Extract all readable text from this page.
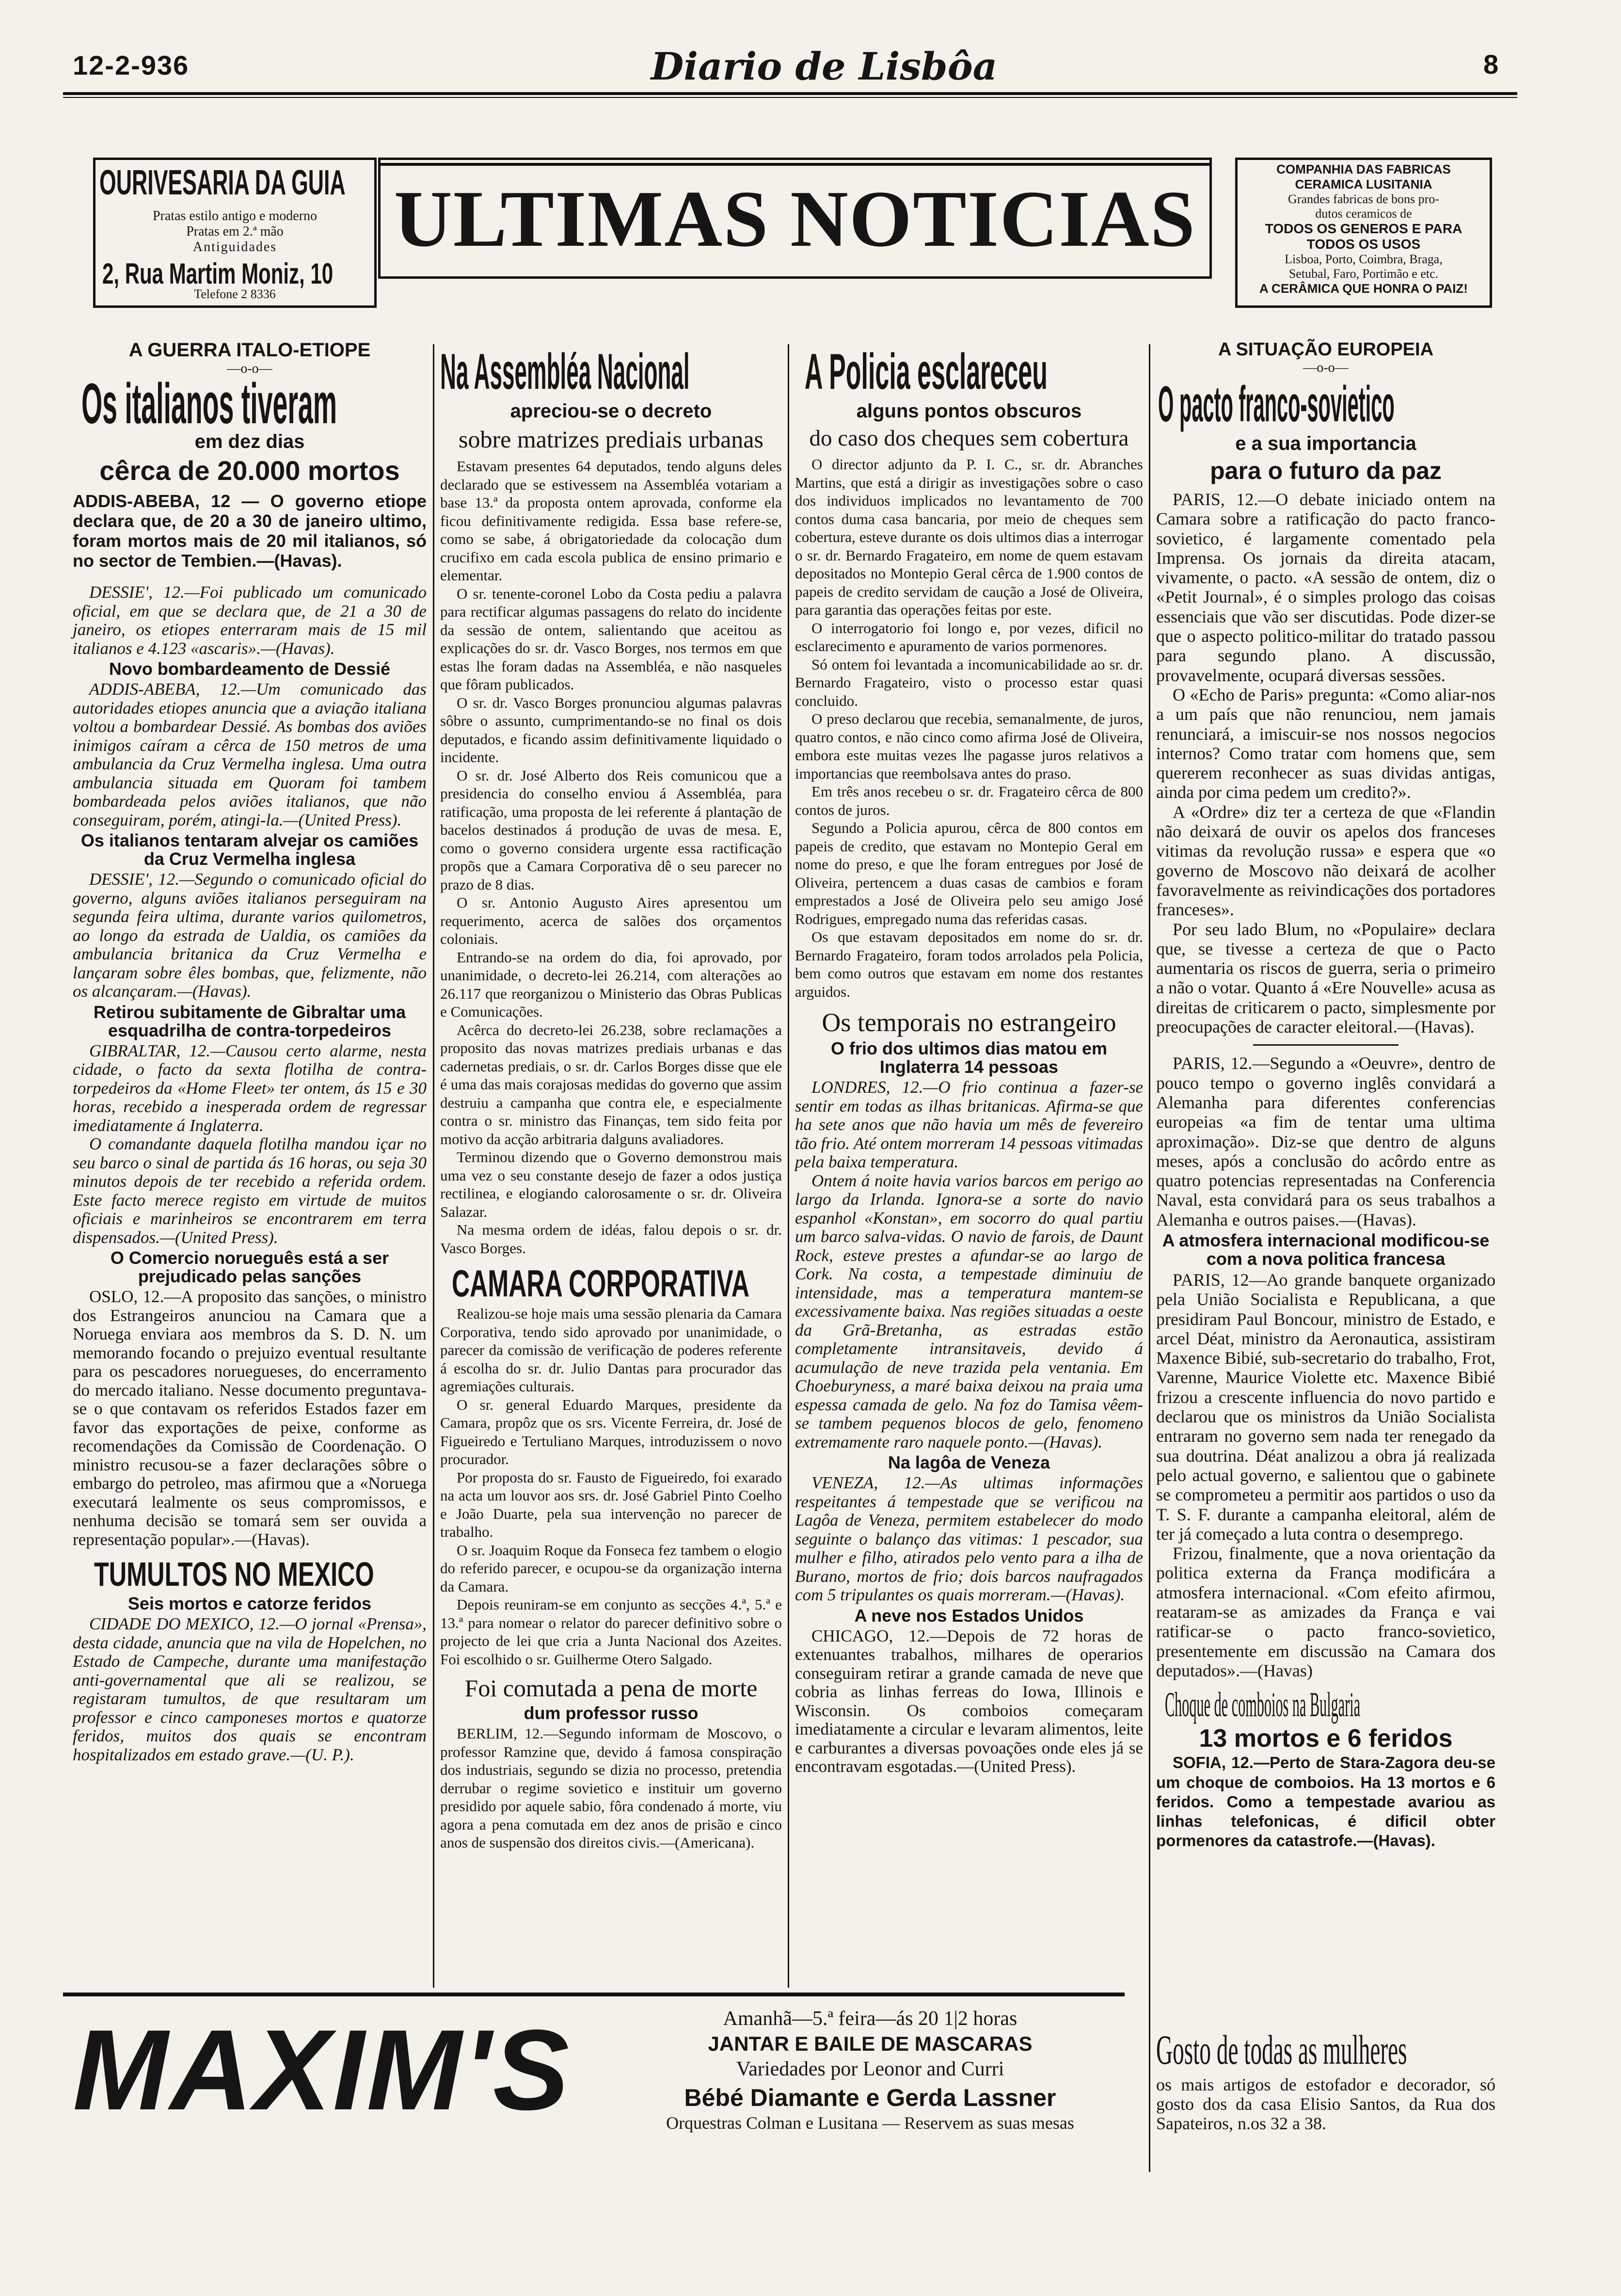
12-2-936	Diario de Lisbôa	8
OURIVESARIA DA GUIA
Pratas estilo antigo e moderno
Pratas em 2.ª mão
Antiguidades
2, Rua Martim Moniz, 10
Telefone 2 8336
ULTIMAS NOTICIAS
COMPANHIA DAS FABRICAS
CERAMICA LUSITANIA
Grandes fabricas de bons pro-
dutos ceramicos de
TODOS OS GENEROS E PARA
TODOS OS USOS
Lisboa, Porto, Coimbra, Braga,
Setubal, Faro, Portimão e etc.
A CERÂMICA QUE HONRA O PAIZ!
A GUERRA ITALO-ETIOPE
—o-o—
Os italianos tiveram
em dez dias
cêrca de 20.000 mortos
ADDIS-ABEBA, 12 — O governo etiope declara que, de 20 a 30 de janeiro ultimo, foram mortos mais de 20 mil italianos, só no sector de Tembien.—(Havas).

DESSIE', 12.—Foi publicado um comunicado oficial, em que se declara que, de 21 a 30 de janeiro, os etiopes enterraram mais de 15 mil italianos e 4.123 «ascaris».—(Havas).

Novo bombardeamento de Dessié

ADDIS-ABEBA, 12.—Um comunicado das autoridades etiopes anuncia que a aviação italiana voltou a bombardear Dessié. As bombas dos aviões inimigos caíram a cêrca de 150 metros de uma ambulancia da Cruz Vermelha inglesa. Uma outra ambulancia situada em Quoram foi tambem bombardeada pelos aviões italianos, que não conseguiram, porém, atingi-la.—(United Press).

Os italianos tentaram alvejar os camiões da Cruz Vermelha inglesa

DESSIE', 12.—Segundo o comunicado oficial do governo, alguns aviões italianos perseguiram na segunda feira ultima, durante varios quilometros, ao longo da estrada de Ualdia, os camiões da ambulancia britanica da Cruz Vermelha e lançaram sobre êles bombas, que, felizmente, não os alcançaram.—(Havas).

Retirou subitamente de Gibraltar uma esquadrilha de contra-torpedeiros

GIBRALTAR, 12.—Causou certo alarme, nesta cidade, o facto da sexta flotilha de contra-torpedeiros da «Home Fleet» ter ontem, ás 15 e 30 horas, recebido a inesperada ordem de regressar imediatamente á Inglaterra.

O comandante daquela flotilha mandou içar no seu barco o sinal de partida ás 16 horas, ou seja 30 minutos depois de ter recebido a referida ordem. Este facto merece registo em virtude de muitos oficiais e marinheiros se encontrarem em terra dispensados.—(United Press).

O Comercio norueguês está a ser prejudicado pelas sanções

OSLO, 12.—A proposito das sanções, o ministro dos Estrangeiros anunciou na Camara que a Noruega enviara aos membros da S. D. N. um memorando focando o prejuizo eventual resultante para os pescadores noruegueses, do encerramento do mercado italiano. Nesse documento preguntava-se o que contavam os referidos Estados fazer em favor das exportações de peixe, conforme as recomendações da Comissão de Coordenação. O ministro recusou-se a fazer declarações sôbre o embargo do petroleo, mas afirmou que a «Noruega executará lealmente os seus compromissos, e nenhuma decisão se tomará sem ser ouvida a representação popular».—(Havas).

TUMULTOS NO MEXICO
Seis mortos e catorze feridos

CIDADE DO MEXICO, 12.—O jornal «Prensa», desta cidade, anuncia que na vila de Hopelchen, no Estado de Campeche, durante uma manifestação anti-governamental que ali se realizou, se registaram tumultos, de que resultaram um professor e cinco camponeses mortos e quatorze feridos, muitos dos quais se encontram hospitalizados em estado grave.—(U. P.).

Na Assembléa Nacional
apreciou-se o decreto
sobre matrizes prediais urbanas

Estavam presentes 64 deputados, tendo alguns deles declarado que se estivessem na Assembléa votariam a base 13.ª da proposta ontem aprovada, conforme ela ficou definitivamente redigida. Essa base refere-se, como se sabe, á obrigatoriedade da colocação dum crucifixo em cada escola publica de ensino primario e elementar.

O sr. tenente-coronel Lobo da Costa pediu a palavra para rectificar algumas passagens do relato do incidente da sessão de ontem, salientando que aceitou as explicações do sr. dr. Vasco Borges, nos termos em que estas lhe foram dadas na Assembléa, e não nasqueles que fôram publicados.

O sr. dr. Vasco Borges pronunciou algumas palavras sôbre o assunto, cumprimentando-se no final os dois deputados, e ficando assim definitivamente liquidado o incidente.

O sr. dr. José Alberto dos Reis comunicou que a presidencia do conselho enviou á Assembléa, para ratificação, uma proposta de lei referente á plantação de bacelos destinados á produção de uvas de mesa. E, como o governo considera urgente essa ractificação propõs que a Camara Corporativa dê o seu parecer no prazo de 8 dias.

O sr. Antonio Augusto Aires apresentou um requerimento, acerca de salões dos orçamentos coloniais.

Entrando-se na ordem do dia, foi aprovado, por unanimidade, o decreto-lei 26.214, com alterações ao 26.117 que reorganizou o Ministerio das Obras Publicas e Comunicações.

Acêrca do decreto-lei 26.238, sobre reclamações a proposito das novas matrizes prediais urbanas e das cadernetas prediais, o sr. dr. Carlos Borges disse que ele é uma das mais corajosas medidas do governo que assim destruiu a campanha que contra ele, e especialmente contra o sr. ministro das Finanças, tem sido feita por motivo da acção arbitraria dalguns avaliadores.

Terminou dizendo que o Governo demonstrou mais uma vez o seu constante desejo de fazer a odos justiça rectilinea, e elogiando calorosamente o sr. dr. Oliveira Salazar.

Na mesma ordem de idéas, falou depois o sr. dr. Vasco Borges.

CAMARA CORPORATIVA

Realizou-se hoje mais uma sessão plenaria da Camara Corporativa, tendo sido aprovado por unanimidade, o parecer da comissão de verificação de poderes referente á escolha do sr. dr. Julio Dantas para procurador das agremiações culturais.

O sr. general Eduardo Marques, presidente da Camara, propôz que os srs. Vicente Ferreira, dr. José de Figueiredo e Tertuliano Marques, introduzissem o novo procurador.

Por proposta do sr. Fausto de Figueiredo, foi exarado na acta um louvor aos srs. dr. José Gabriel Pinto Coelho e João Duarte, pela sua intervenção no parecer de trabalho.

O sr. Joaquim Roque da Fonseca fez tambem o elogio do referido parecer, e ocupou-se da organização interna da Camara.

Depois reuniram-se em conjunto as secções 4.ª, 5.ª e 13.ª para nomear o relator do parecer definitivo sobre o projecto de lei que cria a Junta Nacional dos Azeites. Foi escolhido o sr. Guilherme Otero Salgado.

Foi comutada a pena de morte
dum professor russo

BERLIM, 12.—Segundo informam de Moscovo, o professor Ramzine que, devido á famosa conspiração dos industriais, segundo se dizia no processo, pretendia derrubar o regime sovietico e instituir um governo presidido por aquele sabio, fôra condenado á morte, viu agora a pena comutada em dez anos de prisão e cinco anos de suspensão dos direitos civis.—(Americana).

A Policia esclareceu
alguns pontos obscuros
do caso dos cheques sem cobertura

O director adjunto da P. I. C., sr. dr. Abranches Martins, que está a dirigir as investigações sobre o caso dos individuos implicados no levantamento de 700 contos duma casa bancaria, por meio de cheques sem cobertura, esteve durante os dois ultimos dias a interrogar o sr. dr. Bernardo Fragateiro, em nome de quem estavam depositados no Montepio Geral cêrca de 1.900 contos de papeis de credito servidam de caução a José de Oliveira, para garantia das operações feitas por este.

O interrogatorio foi longo e, por vezes, dificil no esclarecimento e apuramento de varios pormenores.

Só ontem foi levantada a incomunicabilidade ao sr. dr. Bernardo Fragateiro, visto o processo estar quasi concluido.

O preso declarou que recebia, semanalmente, de juros, quatro contos, e não cinco como afirma José de Oliveira, embora este muitas vezes lhe pagasse juros relativos a importancias que reembolsava antes do praso.

Em três anos recebeu o sr. dr. Fragateiro cêrca de 800 contos de juros.

Segundo a Policia apurou, cêrca de 800 contos em papeis de credito, que estavam no Montepio Geral em nome do preso, e que lhe foram entregues por José de Oliveira, pertencem a duas casas de cambios e foram emprestados a José de Oliveira pelo seu amigo José Rodrigues, empregado numa das referidas casas.

Os que estavam depositados em nome do sr. dr. Bernardo Fragateiro, foram todos arrolados pela Policia, bem como outros que estavam em nome dos restantes arguidos.

Os temporais no estrangeiro
O frio dos ultimos dias matou em Inglaterra 14 pessoas

LONDRES, 12.—O frio continua a fazer-se sentir em todas as ilhas britanicas. Afirma-se que ha sete anos que não havia um mês de fevereiro tão frio. Até ontem morreram 14 pessoas vitimadas pela baixa temperatura.

Ontem á noite havia varios barcos em perigo ao largo da Irlanda. Ignora-se a sorte do navio espanhol «Konstan», em socorro do qual partiu um barco salva-vidas. O navio de farois, de Daunt Rock, esteve prestes a afundar-se ao largo de Cork. Na costa, a tempestade diminuiu de intensidade, mas a temperatura mantem-se excessivamente baixa. Nas regiões situadas a oeste da Grã-Bretanha, as estradas estão completamente intransitaveis, devido á acumulação de neve trazida pela ventania. Em Choeburyness, a maré baixa deixou na praia uma espessa camada de gelo. Na foz do Tamisa vêem-se tambem pequenos blocos de gelo, fenomeno extremamente raro naquele ponto.—(Havas).

Na lagôa de Veneza

VENEZA, 12.—As ultimas informações respeitantes á tempestade que se verificou na Lagôa de Veneza, permitem estabelecer do modo seguinte o balanço das vitimas: 1 pescador, sua mulher e filho, atirados pelo vento para a ilha de Burano, mortos de frio; dois barcos naufragados com 5 tripulantes os quais morreram.—(Havas).

A neve nos Estados Unidos

CHICAGO, 12.—Depois de 72 horas de extenuantes trabalhos, milhares de operarios conseguiram retirar a grande camada de neve que cobria as linhas ferreas do Iowa, Illinois e Wisconsin. Os comboios começaram imediatamente a circular e levaram alimentos, leite e carburantes a diversas povoações onde eles já se encontravam esgotadas.—(United Press).

A SITUAÇÃO EUROPEIA
—o-o—
O pacto franco-sovietico
e a sua importancia
para o futuro da paz

PARIS, 12.—O debate iniciado ontem na Camara sobre a ratificação do pacto franco-sovietico, é largamente comentado pela Imprensa. Os jornais da direita atacam, vivamente, o pacto. «A sessão de ontem, diz o «Petit Journal», é o simples prologo das coisas essenciais que vão ser discutidas. Pode dizer-se que o aspecto politico-militar do tratado passou para segundo plano. A discussão, provavelmente, ocupará diversas sessões.

O «Echo de Paris» pregunta: «Como aliar-nos a um país que não renunciou, nem jamais renunciará, a imiscuir-se nos nossos negocios internos? Como tratar com homens que, sem quererem reconhecer as suas dividas antigas, ainda por cima pedem um credito?».

A «Ordre» diz ter a certeza de que «Flandin não deixará de ouvir os apelos dos franceses vitimas da revolução russa» e espera que «o governo de Moscovo não deixará de acolher favoravelmente as reivindicações dos portadores franceses».

Por seu lado Blum, no «Populaire» declara que, se tivesse a certeza de que o Pacto aumentaria os riscos de guerra, seria o primeiro a não o votar. Quanto á «Ere Nouvelle» acusa as direitas de criticarem o pacto, simplesmente por preocupações de caracter eleitoral.—(Havas).

PARIS, 12.—Segundo a «Oeuvre», dentro de pouco tempo o governo inglês convidará a Alemanha para diferentes conferencias europeias «a fim de tentar uma ultima aproximação». Diz-se que dentro de alguns meses, após a conclusão do acôrdo entre as quatro potencias representadas na Conferencia Naval, esta convidará para os seus trabalhos a Alemanha e outros paises.—(Havas).

A atmosfera internacional modificou-se com a nova politica francesa

PARIS, 12—Ao grande banquete organizado pela União Socialista e Republicana, a que presidiram Paul Boncour, ministro de Estado, e arcel Déat, ministro da Aeronautica, assistiram Maxence Bibié, sub-secretario do trabalho, Frot, Varenne, Maurice Violette etc. Maxence Bibié frizou a crescente influencia do novo partido e declarou que os ministros da União Socialista entraram no governo sem nada ter renegado da sua doutrina. Déat analizou a obra já realizada pelo actual governo, e salientou que o gabinete se comprometeu a permitir aos partidos o uso da T. S. F. durante a campanha eleitoral, além de ter já começado a luta contra o desemprego.

Frizou, finalmente, que a nova orientação da politica externa da França modificára a atmosfera internacional. «Com efeito afirmou, reataram-se as amizades da França e vai ratificar-se o pacto franco-sovietico, presentemente em discussão na Camara dos deputados».—(Havas)

Choque de comboios na Bulgaria
13 mortos e 6 feridos

SOFIA, 12.—Perto de Stara-Zagora deu-se um choque de comboios. Ha 13 mortos e 6 feridos. Como a tempestade avariou as linhas telefonicas, é dificil obter pormenores da catastrofe.—(Havas).

MAXIM'S	Amanhã—5.ª feira—ás 20 1|2 horas
JANTAR E BAILE DE MASCARAS
Variedades por Leonor and Curri
Bébé Diamante e Gerda Lassner
Orquestras Colman e Lusitana — Reservem as suas mesas
Gosto de todas as mulheres
os mais artigos de estofador e decorador, só gosto dos da casa Elisio Santos, da Rua dos Sapateiros, n.os 32 a 38.
